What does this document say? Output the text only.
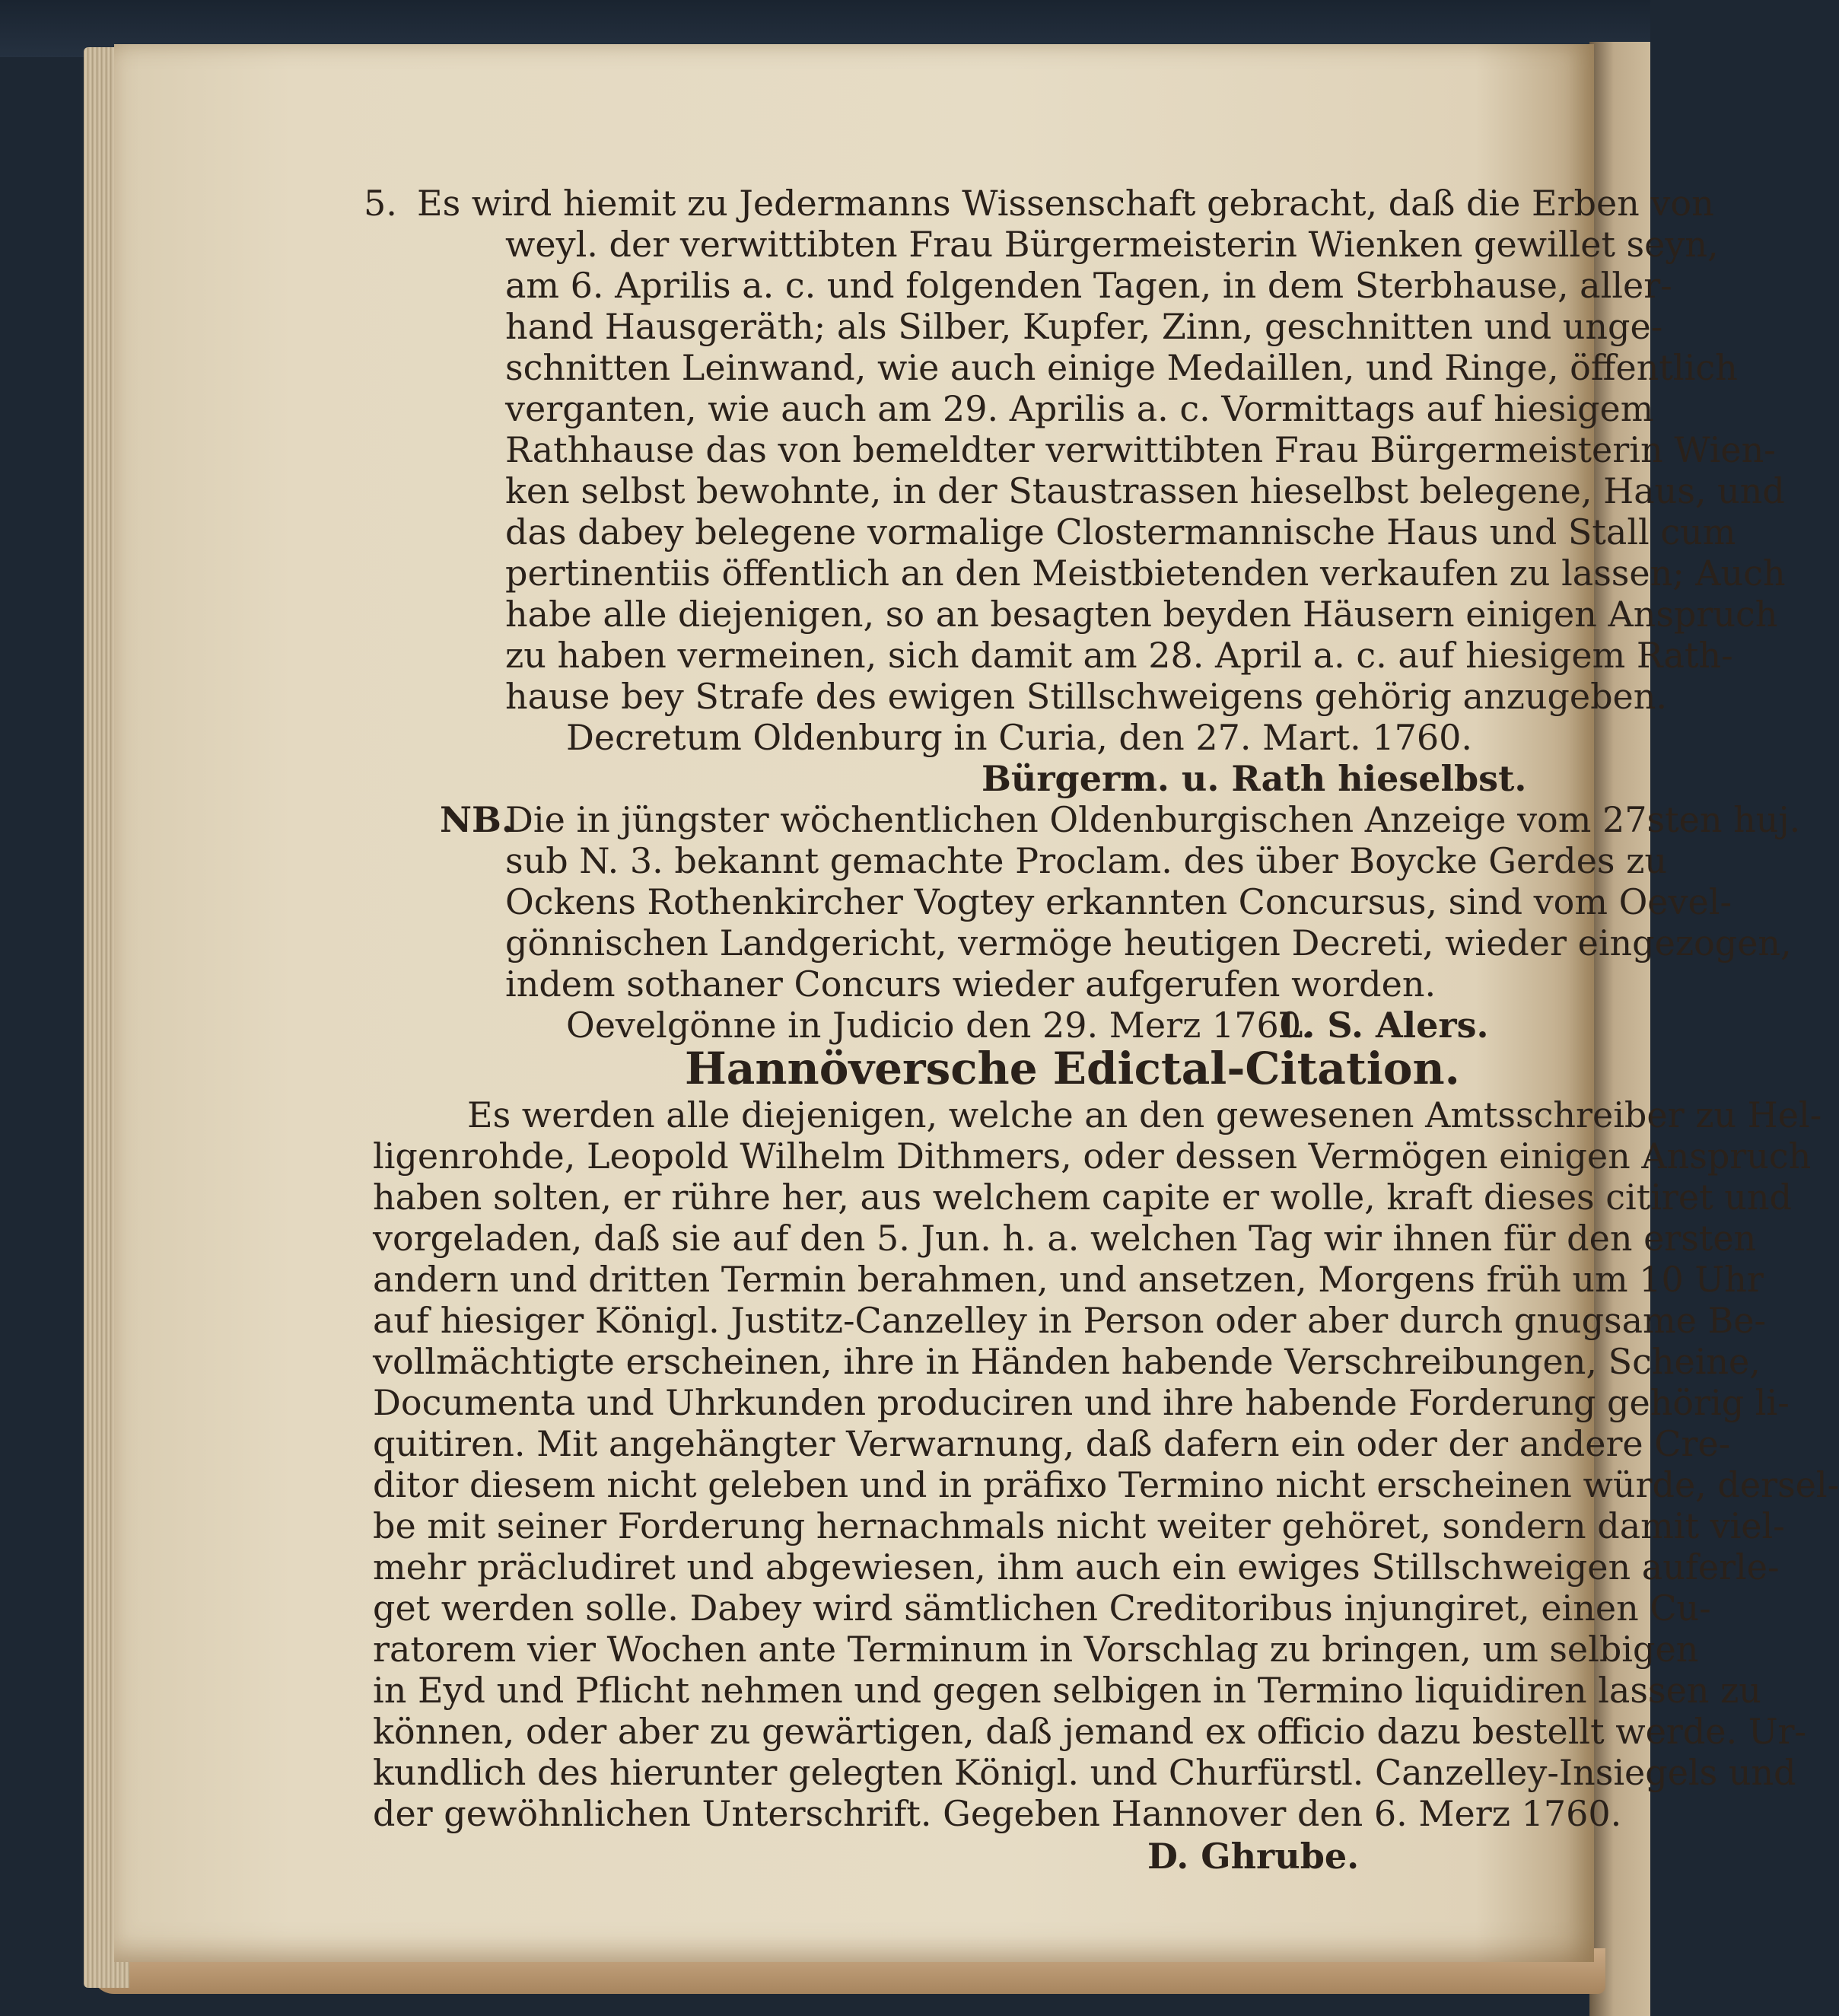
5. Es wird hiemit zu Jedermanns Wissenschaft gebracht, daß die Erben von
weyl. der verwittibten Frau Bürgermeisterin Wienken gewillet seyn,
am 6. Aprilis a. c. und folgenden Tagen, in dem Sterbhause, aller-
hand Hausgeräth; als Silber, Kupfer, Zinn, geschnitten und unge-
schnitten Leinwand, wie auch einige Medaillen, und Ringe, öffentlich
verganten, wie auch am 29. Aprilis a. c. Vormittags auf hiesigem
Rathhause das von bemeldter verwittibten Frau Bürgermeisterin Wien-
ken selbst bewohnte, in der Staustrassen hieselbst belegene, Haus, und
das dabey belegene vormalige Clostermannische Haus und Stall cum
pertinentiis öffentlich an den Meistbietenden verkaufen zu lassen; Auch
habe alle diejenigen, so an besagten beyden Häusern einigen Anspruch
zu haben vermeinen, sich damit am 28. April a. c. auf hiesigem Rath-
hause bey Strafe des ewigen Stillschweigens gehörig anzugeben.
Decretum Oldenburg in Curia, den 27. Mart. 1760.
Bürgerm. u. Rath hieselbst.
NB.
Die in jüngster wöchentlichen Oldenburgischen Anzeige vom 27sten huj.
sub N. 3. bekannt gemachte Proclam. des über Boycke Gerdes zu
Ockens Rothenkircher Vogtey erkannten Concursus, sind vom Oevel-
gönnischen Landgericht, vermöge heutigen Decreti, wieder eingezogen,
indem sothaner Concurs wieder aufgerufen worden.
Oevelgönne in Judicio den 29. Merz 1760.
L. S. Alers.
Hannöversche Edictal-Citation.
Es werden alle diejenigen, welche an den gewesenen Amtsschreiber zu Hel-
ligenrohde, Leopold Wilhelm Dithmers, oder dessen Vermögen einigen Anspruch
haben solten, er rühre her, aus welchem capite er wolle, kraft dieses citiret und
vorgeladen, daß sie auf den 5. Jun. h. a. welchen Tag wir ihnen für den ersten
andern und dritten Termin berahmen, und ansetzen, Morgens früh um 10 Uhr
auf hiesiger Königl. Justitz-Canzelley in Person oder aber durch gnugsame Be-
vollmächtigte erscheinen, ihre in Händen habende Verschreibungen, Scheine,
Documenta und Uhrkunden produciren und ihre habende Forderung gehörig li-
quitiren. Mit angehängter Verwarnung, daß dafern ein oder der andere Cre-
ditor diesem nicht geleben und in präfixo Termino nicht erscheinen würde, dersel-
be mit seiner Forderung hernachmals nicht weiter gehöret, sondern damit viel-
mehr präcludiret und abgewiesen, ihm auch ein ewiges Stillschweigen auferle-
get werden solle. Dabey wird sämtlichen Creditoribus injungiret, einen Cu-
ratorem vier Wochen ante Terminum in Vorschlag zu bringen, um selbigen
in Eyd und Pflicht nehmen und gegen selbigen in Termino liquidiren lassen zu
können, oder aber zu gewärtigen, daß jemand ex officio dazu bestellt werde. Ur-
kundlich des hierunter gelegten Königl. und Churfürstl. Canzelley-Insiegels und
der gewöhnlichen Unterschrift. Gegeben Hannover den 6. Merz 1760.
D. Ghrube.
